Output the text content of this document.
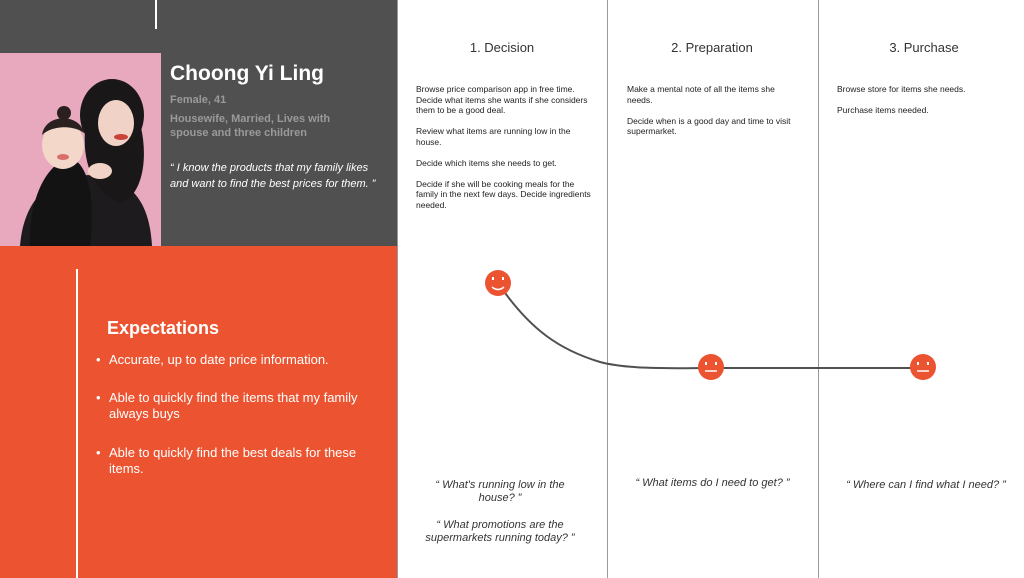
Choong Yi Ling
Female, 41
Housewife, Married, Lives with spouse and three children
“ I know the products that my family likes and want to find the best prices for them. ”
Expectations
• Accurate, up to date price information.
• Able to quickly find the items that my family always buys
• Able to quickly find the best deals for these items.
1. Decision

Browse price comparison app in free time. Decide what items she wants if she considers them to be a good deal.

Review what items are running low in the house.

Decide which items she needs to get.

Decide if she will be cooking meals for the family in the next few days. Decide ingredients needed.

“ What's running low in the house? ”
“ What promotions are the supermarkets running today? ”
2. Preparation

Make a mental note of all the items she needs.

Decide when is a good day and time to visit supermarket.

“ What items do I need to get? ”
3. Purchase

Browse store for items she needs.

Purchase items needed.

“ Where can I find what I need? ”
